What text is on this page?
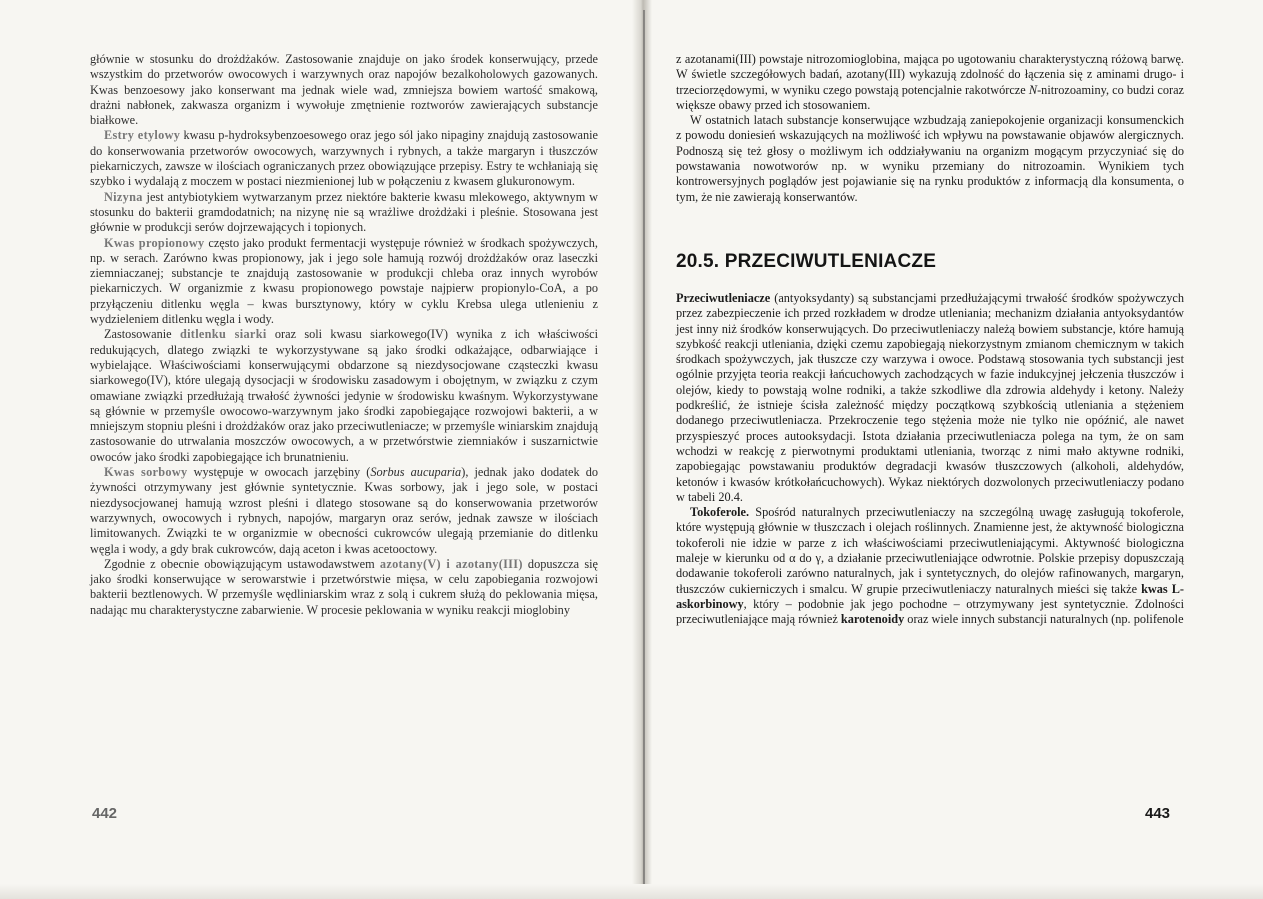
głównie w stosunku do drożdżaków. Zastosowanie znajduje on jako środek konserwujący, przede wszystkim do przetworów owocowych i warzywnych oraz napojów bezalkoholowych gazowanych. Kwas benzoesowy jako konserwant ma jednak wiele wad, zmniejsza bowiem wartość smakową, drażni nabłonek, zakwasza organizm i wywołuje zmętnienie roztworów zawierających substancje białkowe.

Estry etylowy kwasu p-hydroksybenzoesowego oraz jego sól jako nipaginy znajdują zastosowanie do konserwowania przetworów owocowych, warzywnych i rybnych, a także margaryn i tłuszczów piekarniczych, zawsze w ilościach ograniczanych przez obowiązujące przepisy. Estry te wchłaniają się szybko i wydalają z moczem w postaci niezmienionej lub w połączeniu z kwasem glukuronowym.

Nizyna jest antybiotykiem wytwarzanym przez niektóre bakterie kwasu mlekowego, aktywnym w stosunku do bakterii gramdodatnich; na nizynę nie są wrażliwe drożdżaki i pleśnie. Stosowana jest głównie w produkcji serów dojrzewających i topionych.

Kwas propionowy często jako produkt fermentacji występuje również w środkach spożywczych, np. w serach. Zarówno kwas propionowy, jak i jego sole hamują rozwój drożdżaków oraz laseczki ziemniaczanej; substancje te znajdują zastosowanie w produkcji chleba oraz innych wyrobów piekarniczych. W organizmie z kwasu propionowego powstaje najpierw propionylo-CoA, a po przyłączeniu ditlenku węgla – kwas bursztynowy, który w cyklu Krebsa ulega utlenieniu z wydzieleniem ditlenku węgla i wody.

Zastosowanie ditlenku siarki oraz soli kwasu siarkowego(IV) wynika z ich właściwości redukujących, dlatego związki te wykorzystywane są jako środki odkażające, odbarwiające i wybielające. Właściwościami konserwującymi obdarzone są niezdysocjowane cząsteczki kwasu siarkowego(IV), które ulegają dysocjacji w środowisku zasadowym i obojętnym, w związku z czym omawiane związki przedłużają trwałość żywności jedynie w środowisku kwaśnym. Wykorzystywane są głównie w przemyśle owocowo-warzywnym jako środki zapobiegające rozwojowi bakterii, a w mniejszym stopniu pleśni i drożdżaków oraz jako przeciwutleniacze; w przemyśle winiarskim znajdują zastosowanie do utrwalania moszczów owocowych, a w przetwórstwie ziemniaków i suszarnictwie owoców jako środki zapobiegające ich brunatnieniu.

Kwas sorbowy występuje w owocach jarzębiny (Sorbus aucuparia), jednak jako dodatek do żywności otrzymywany jest głównie syntetycznie. Kwas sorbowy, jak i jego sole, w postaci niezdysocjowanej hamują wzrost pleśni i dlatego stosowane są do konserwowania przetworów warzywnych, owocowych i rybnych, napojów, margaryn oraz serów, jednak zawsze w ilościach limitowanych. Związki te w organizmie w obecności cukrowców ulegają przemianie do ditlenku węgla i wody, a gdy brak cukrowców, dają aceton i kwas acetooctowy.

Zgodnie z obecnie obowiązującym ustawodawstwem azotany(V) i azotany(III) dopuszcza się jako środki konserwujące w serowarstwie i przetwórstwie mięsa, w celu zapobiegania rozwojowi bakterii beztlenowych. W przemyśle wędliniarskim wraz z solą i cukrem służą do peklowania mięsa, nadając mu charakterystyczne zabarwienie. W procesie peklowania w wyniku reakcji mioglobiny

442

z azotanami(III) powstaje nitrozomioglobina, mająca po ugotowaniu charakterystyczną różową barwę. W świetle szczegółowych badań, azotany(III) wykazują zdolność do łączenia się z aminami drugo- i trzeciorzędowymi, w wyniku czego powstają potencjalnie rakotwórcze N-nitrozoaminy, co budzi coraz większe obawy przed ich stosowaniem.

W ostatnich latach substancje konserwujące wzbudzają zaniepokojenie organizacji konsumenckich z powodu doniesień wskazujących na możliwość ich wpływu na powstawanie objawów alergicznych. Podnoszą się też głosy o możliwym ich oddziaływaniu na organizm mogącym przyczyniać się do powstawania nowotworów np. w wyniku przemiany do nitrozoamin. Wynikiem tych kontrowersyjnych poglądów jest pojawianie się na rynku produktów z informacją dla konsumenta, o tym, że nie zawierają konserwantów.

20.5. PRZECIWUTLENIACZE

Przeciwutleniacze (antyoksydanty) są substancjami przedłużającymi trwałość środków spożywczych przez zabezpieczenie ich przed rozkładem w drodze utleniania; mechanizm działania antyoksydantów jest inny niż środków konserwujących. Do przeciwutleniaczy należą bowiem substancje, które hamują szybkość reakcji utleniania, dzięki czemu zapobiegają niekorzystnym zmianom chemicznym w takich środkach spożywczych, jak tłuszcze czy warzywa i owoce. Podstawą stosowania tych substancji jest ogólnie przyjęta teoria reakcji łańcuchowych zachodzących w fazie indukcyjnej jełczenia tłuszczów i olejów, kiedy to powstają wolne rodniki, a także szkodliwe dla zdrowia aldehydy i ketony. Należy podkreślić, że istnieje ścisła zależność między początkową szybkością utleniania a stężeniem dodanego przeciwutleniacza. Przekroczenie tego stężenia może nie tylko nie opóźnić, ale nawet przyspieszyć proces autooksydacji. Istota działania przeciwutleniacza polega na tym, że on sam wchodzi w reakcję z pierwotnymi produktami utleniania, tworząc z nimi mało aktywne rodniki, zapobiegając powstawaniu produktów degradacji kwasów tłuszczowych (alkoholi, aldehydów, ketonów i kwasów krótkołańcuchowych). Wykaz niektórych dozwolonych przeciwutleniaczy podano w tabeli 20.4.

Tokoferole. Spośród naturalnych przeciwutleniaczy na szczególną uwagę zasługują tokoferole, które występują głównie w tłuszczach i olejach roślinnych. Znamienne jest, że aktywność biologiczna tokoferoli nie idzie w parze z ich właściwościami przeciwutleniającymi. Aktywność biologiczna maleje w kierunku od α do γ, a działanie przeciwutleniające odwrotnie. Polskie przepisy dopuszczają dodawanie tokoferoli zarówno naturalnych, jak i syntetycznych, do olejów rafinowanych, margaryn, tłuszczów cukierniczych i smalcu. W grupie przeciwutleniaczy naturalnych mieści się także kwas L-askorbinowy, który – podobnie jak jego pochodne – otrzymywany jest syntetycznie. Zdolności przeciwutleniające mają również karotenoidy oraz wiele innych substancji naturalnych (np. polifenole

443
